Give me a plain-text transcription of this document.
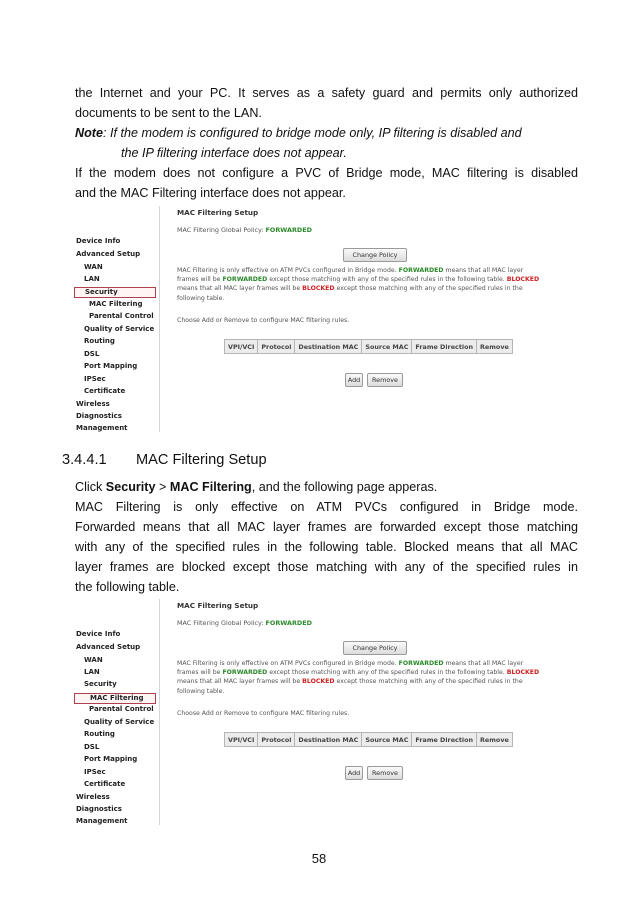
the Internet and your PC. It serves as a safety guard and permits only authorized
documents to be sent to the LAN.
Note: If the modem is configured to bridge mode only, IP filtering is disabled and
the IP filtering interface does not appear.
If the modem does not configure a PVC of Bridge mode, MAC filtering is disabled
and the MAC Filtering interface does not appear.
Device Info
Advanced Setup
WAN
LAN
Security
MAC Filtering
Parental Control
Quality of Service
Routing
DSL
Port Mapping
IPSec
Certificate
Wireless
Diagnostics
Management
MAC Filtering Setup
MAC Filtering Global Policy: FORWARDED
Change Policy
MAC Filtering is only effective on ATM PVCs configured in Bridge mode. FORWARDED means that all MAC layer
frames will be FORWARDED except those matching with any of the specified rules in the following table. BLOCKED
means that all MAC layer frames will be BLOCKED except those matching with any of the specified rules in the
following table.
Choose Add or Remove to configure MAC filtering rules.
VPI/VCI	Protocol	Destination MAC	Source MAC	Frame Direction	Remove
Add	Remove
3.4.4.1 MAC Filtering Setup
Click Security > MAC Filtering, and the following page apperas.
MAC Filtering is only effective on ATM PVCs configured in Bridge mode.
Forwarded means that all MAC layer frames are forwarded except those matching
with any of the specified rules in the following table. Blocked means that all MAC
layer frames are blocked except those matching with any of the specified rules in
the following table.
Device Info
Advanced Setup
WAN
LAN
Security
MAC Filtering
Parental Control
Quality of Service
Routing
DSL
Port Mapping
IPSec
Certificate
Wireless
Diagnostics
Management
MAC Filtering Setup
MAC Filtering Global Policy: FORWARDED
Change Policy
MAC Filtering is only effective on ATM PVCs configured in Bridge mode. FORWARDED means that all MAC layer
frames will be FORWARDED except those matching with any of the specified rules in the following table. BLOCKED
means that all MAC layer frames will be BLOCKED except those matching with any of the specified rules in the
following table.
Choose Add or Remove to configure MAC filtering rules.
VPI/VCI	Protocol	Destination MAC	Source MAC	Frame Direction	Remove
Add	Remove
58
